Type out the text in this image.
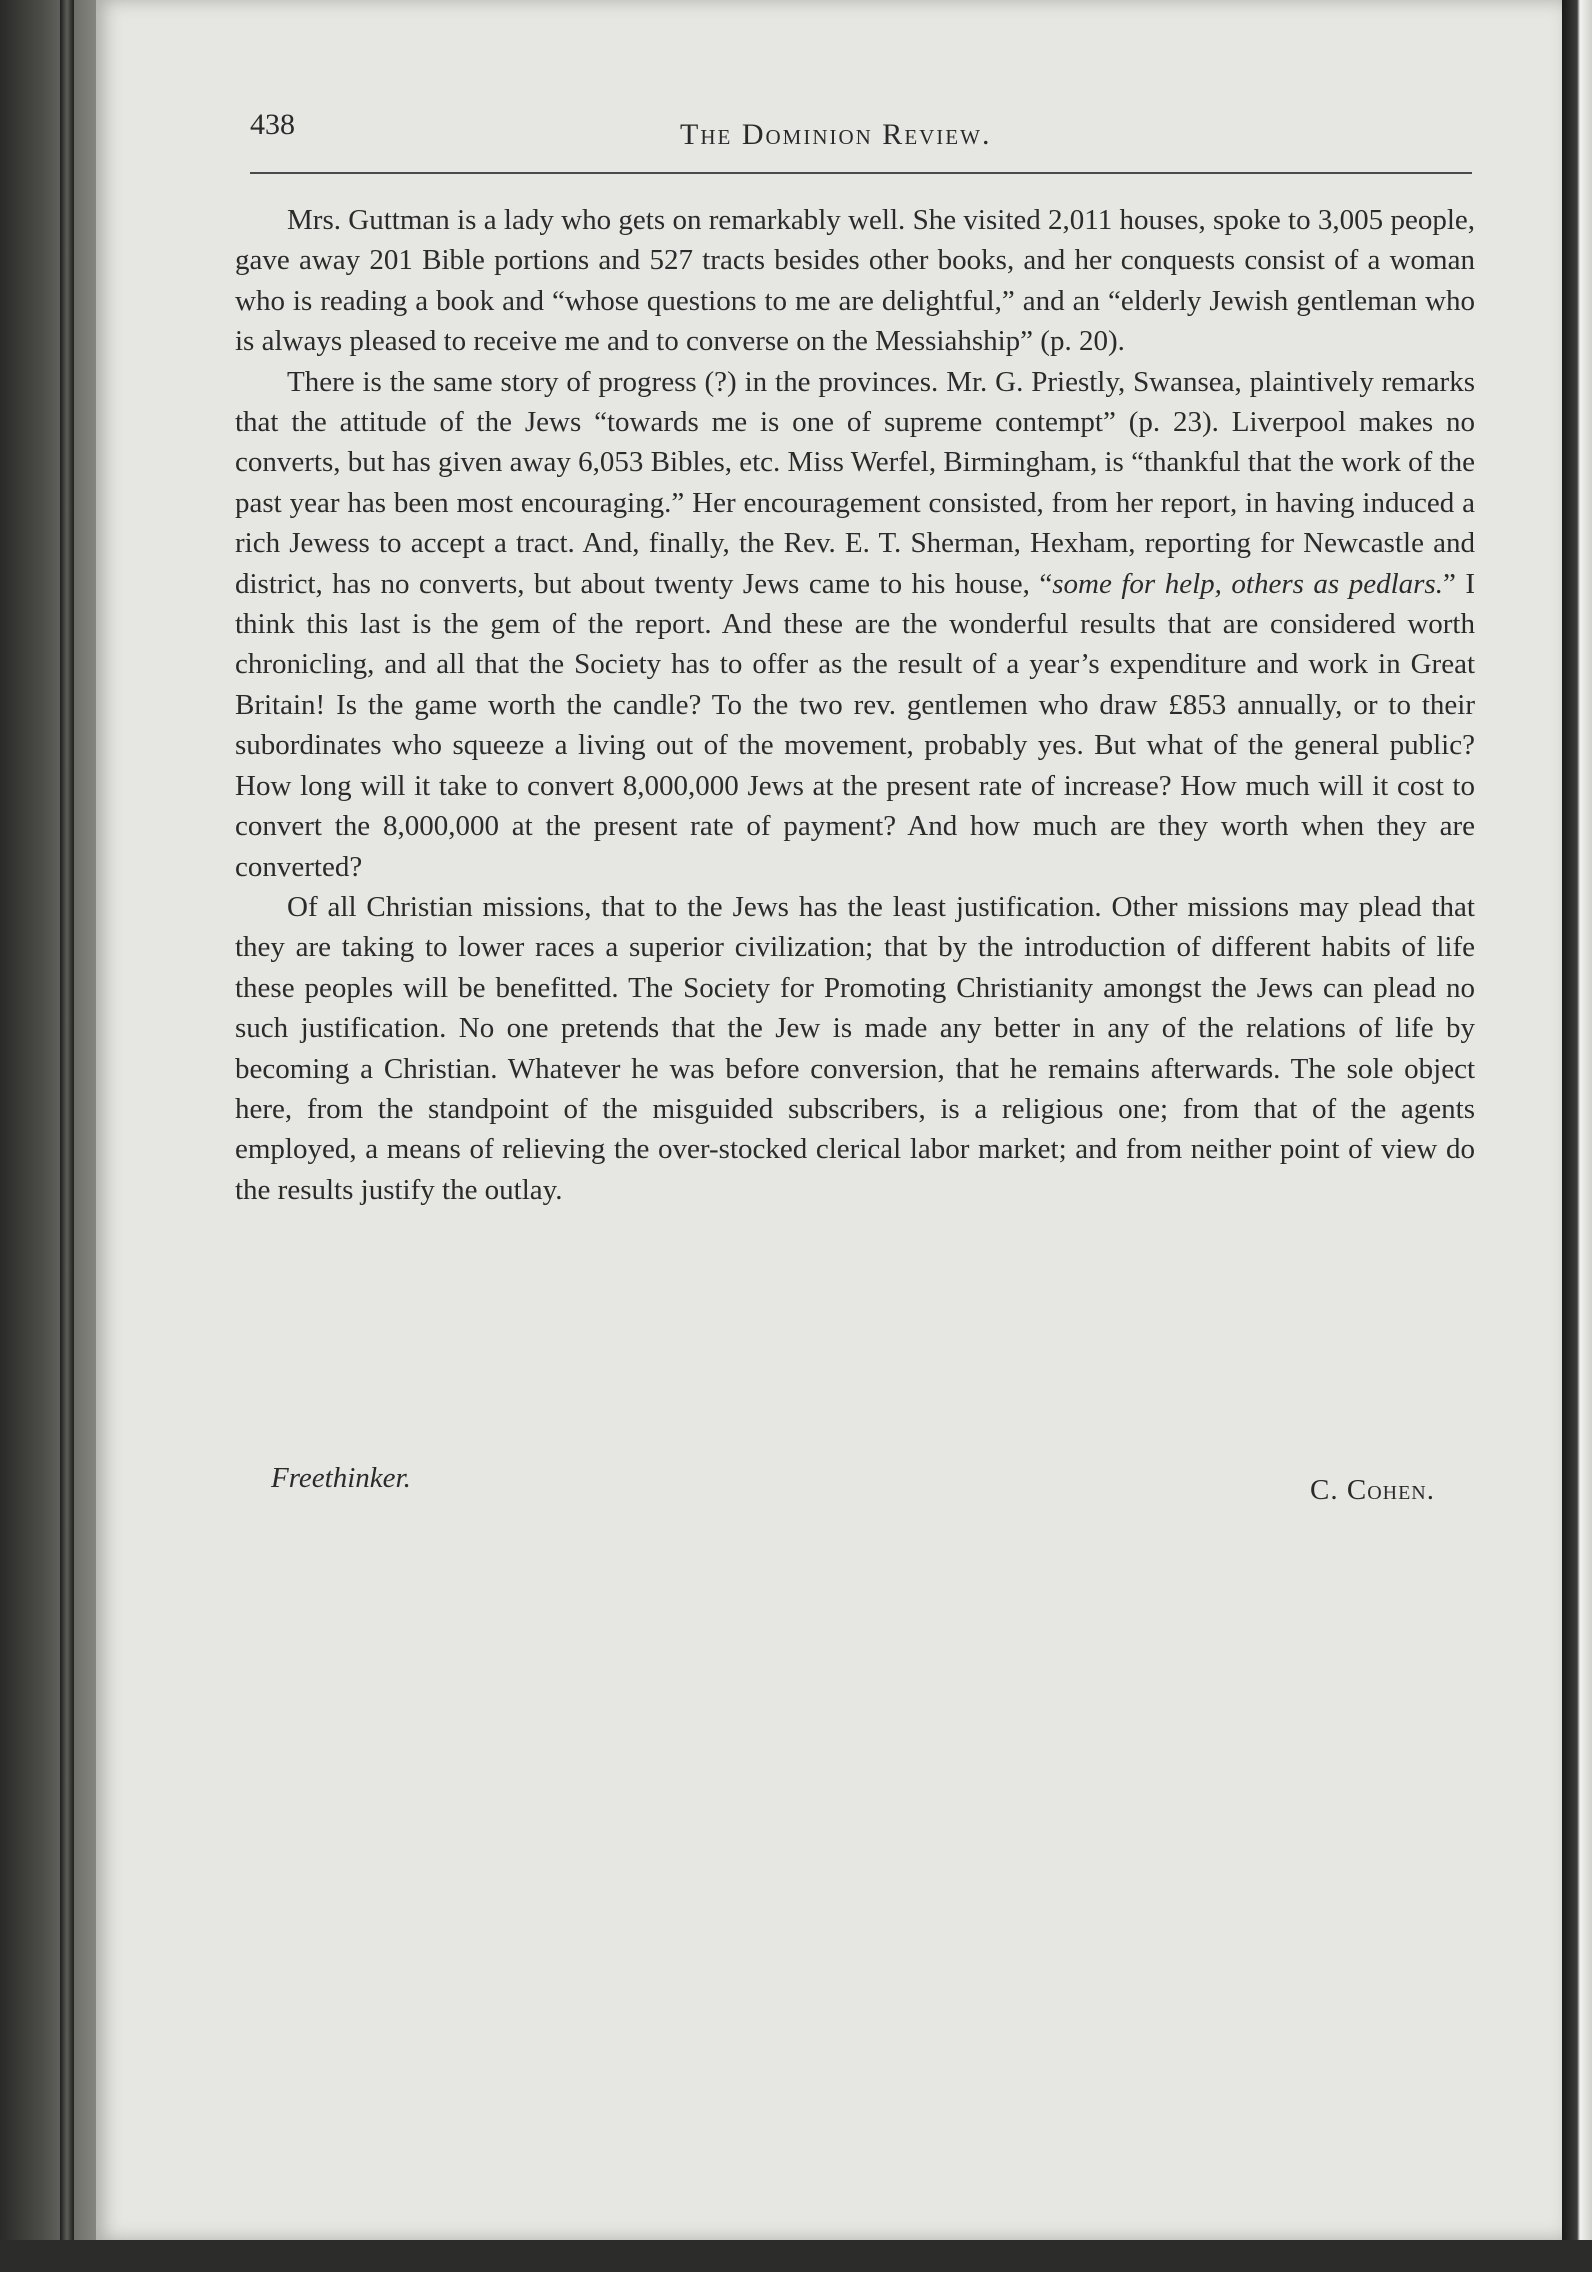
438	The Dominion Review.

Mrs. Guttman is a lady who gets on remarkably well. She visited 2,011 houses, spoke to 3,005 people, gave away 201 Bible portions and 527 tracts besides other books, and her conquests consist of a woman who is reading a book and “whose questions to me are delightful,” and an “elderly Jewish gentleman who is always pleased to receive me and to converse on the Messiahship” (p. 20).

There is the same story of progress (?) in the provinces. Mr. G. Priestly, Swansea, plaintively remarks that the attitude of the Jews “towards me is one of supreme contempt” (p. 23). Liverpool makes no converts, but has given away 6,053 Bibles, etc. Miss Werfel, Birmingham, is “thankful that the work of the past year has been most encouraging.” Her encouragement consisted, from her report, in having induced a rich Jewess to accept a tract. And, finally, the Rev. E. T. Sherman, Hexham, reporting for Newcastle and district, has no converts, but about twenty Jews came to his house, “some for help, others as pedlars.” I think this last is the gem of the report. And these are the wonderful results that are considered worth chronicling, and all that the Society has to offer as the result of a year’s expenditure and work in Great Britain! Is the game worth the candle? To the two rev. gentlemen who draw £853 annually, or to their subordinates who squeeze a living out of the movement, probably yes. But what of the general public? How long will it take to convert 8,000,000 Jews at the present rate of increase? How much will it cost to convert the 8,000,000 at the present rate of payment? And how much are they worth when they are converted?

Of all Christian missions, that to the Jews has the least justification. Other missions may plead that they are taking to lower races a superior civilization; that by the introduction of different habits of life these peoples will be benefitted. The Society for Promoting Christianity amongst the Jews can plead no such justification. No one pretends that the Jew is made any better in any of the relations of life by becoming a Christian. Whatever he was before conversion, that he remains afterwards. The sole object here, from the standpoint of the misguided subscribers, is a religious one; from that of the agents employed, a means of relieving the over-stocked clerical labor market; and from neither point of view do the results justify the outlay.

Freethinker.	C. Cohen.
